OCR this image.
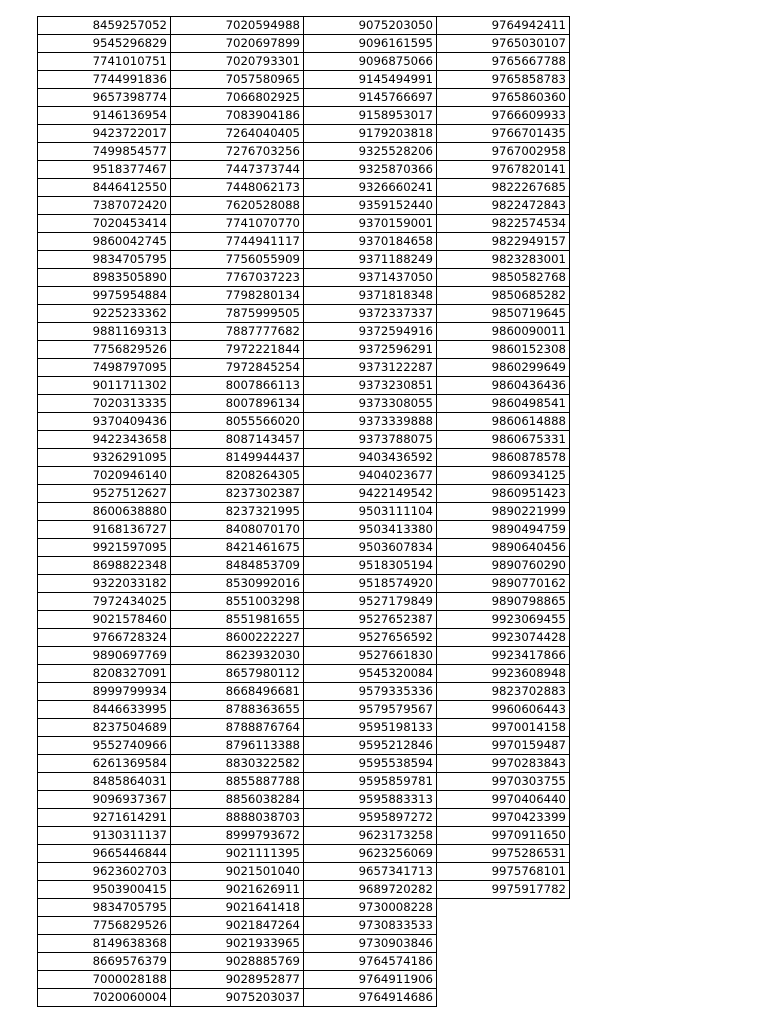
8459257052	7020594988	9075203050	9764942411
9545296829	7020697899	9096161595	9765030107
7741010751	7020793301	9096875066	9765667788
7744991836	7057580965	9145494991	9765858783
9657398774	7066802925	9145766697	9765860360
9146136954	7083904186	9158953017	9766609933
9423722017	7264040405	9179203818	9766701435
7499854577	7276703256	9325528206	9767002958
9518377467	7447373744	9325870366	9767820141
8446412550	7448062173	9326660241	9822267685
7387072420	7620528088	9359152440	9822472843
7020453414	7741070770	9370159001	9822574534
9860042745	7744941117	9370184658	9822949157
9834705795	7756055909	9371188249	9823283001
8983505890	7767037223	9371437050	9850582768
9975954884	7798280134	9371818348	9850685282
9225233362	7875999505	9372337337	9850719645
9881169313	7887777682	9372594916	9860090011
7756829526	7972221844	9372596291	9860152308
7498797095	7972845254	9373122287	9860299649
9011711302	8007866113	9373230851	9860436436
7020313335	8007896134	9373308055	9860498541
9370409436	8055566020	9373339888	9860614888
9422343658	8087143457	9373788075	9860675331
9326291095	8149944437	9403436592	9860878578
7020946140	8208264305	9404023677	9860934125
9527512627	8237302387	9422149542	9860951423
8600638880	8237321995	9503111104	9890221999
9168136727	8408070170	9503413380	9890494759
9921597095	8421461675	9503607834	9890640456
8698822348	8484853709	9518305194	9890760290
9322033182	8530992016	9518574920	9890770162
7972434025	8551003298	9527179849	9890798865
9021578460	8551981655	9527652387	9923069455
9766728324	8600222227	9527656592	9923074428
9890697769	8623932030	9527661830	9923417866
8208327091	8657980112	9545320084	9923608948
8999799934	8668496681	9579335336	9823702883
8446633995	8788363655	9579579567	9960606443
8237504689	8788876764	9595198133	9970014158
9552740966	8796113388	9595212846	9970159487
6261369584	8830322582	9595538594	9970283843
8485864031	8855887788	9595859781	9970303755
9096937367	8856038284	9595883313	9970406440
9271614291	8888038703	9595897272	9970423399
9130311137	8999793672	9623173258	9970911650
9665446844	9021111395	9623256069	9975286531
9623602703	9021501040	9657341713	9975768101
9503900415	9021626911	9689720282	9975917782
9834705795	9021641418	9730008228	
7756829526	9021847264	9730833533	
8149638368	9021933965	9730903846	
8669576379	9028885769	9764574186	
7000028188	9028952877	9764911906	
7020060004	9075203037	9764914686	
